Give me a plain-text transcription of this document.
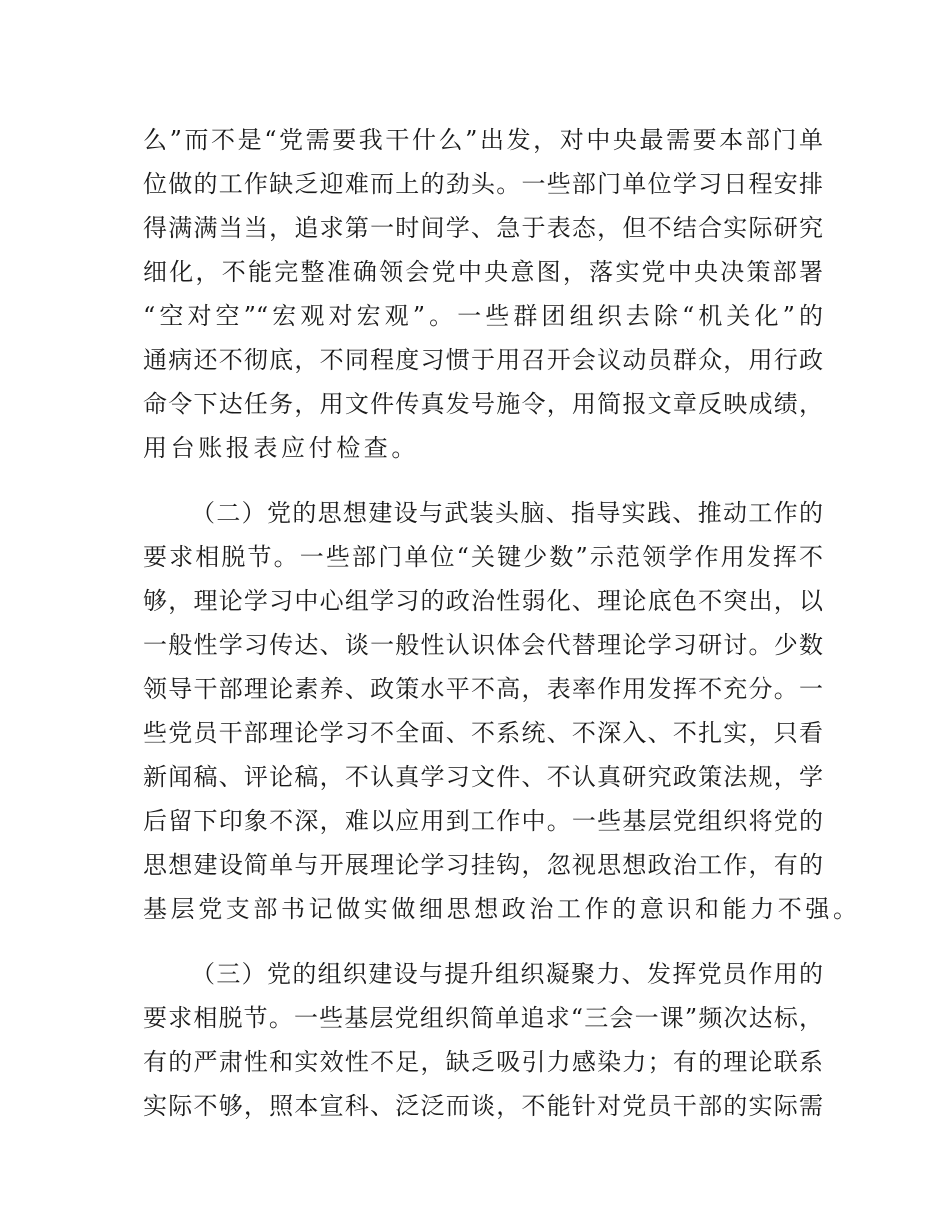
么”而不是“党需要我干什么”出发，对中央最需要本部门单
位做的工作缺乏迎难而上的劲头。一些部门单位学习日程安排
得满满当当，追求第一时间学、急于表态，但不结合实际研究
细化，不能完整准确领会党中央意图，落实党中央决策部署
“空对空”“宏观对宏观”。一些群团组织去除“机关化”的
通病还不彻底，不同程度习惯于用召开会议动员群众，用行政
命令下达任务，用文件传真发号施令，用简报文章反映成绩，
用台账报表应付检查。
（二）党的思想建设与武装头脑、指导实践、推动工作的
要求相脱节。一些部门单位“关键少数”示范领学作用发挥不
够，理论学习中心组学习的政治性弱化、理论底色不突出，以
一般性学习传达、谈一般性认识体会代替理论学习研讨。少数
领导干部理论素养、政策水平不高，表率作用发挥不充分。一
些党员干部理论学习不全面、不系统、不深入、不扎实，只看
新闻稿、评论稿，不认真学习文件、不认真研究政策法规，学
后留下印象不深，难以应用到工作中。一些基层党组织将党的
思想建设简单与开展理论学习挂钩，忽视思想政治工作，有的
基层党支部书记做实做细思想政治工作的意识和能力不强。
（三）党的组织建设与提升组织凝聚力、发挥党员作用的
要求相脱节。一些基层党组织简单追求“三会一课”频次达标，
有的严肃性和实效性不足，缺乏吸引力感染力；有的理论联系
实际不够，照本宣科、泛泛而谈，不能针对党员干部的实际需
